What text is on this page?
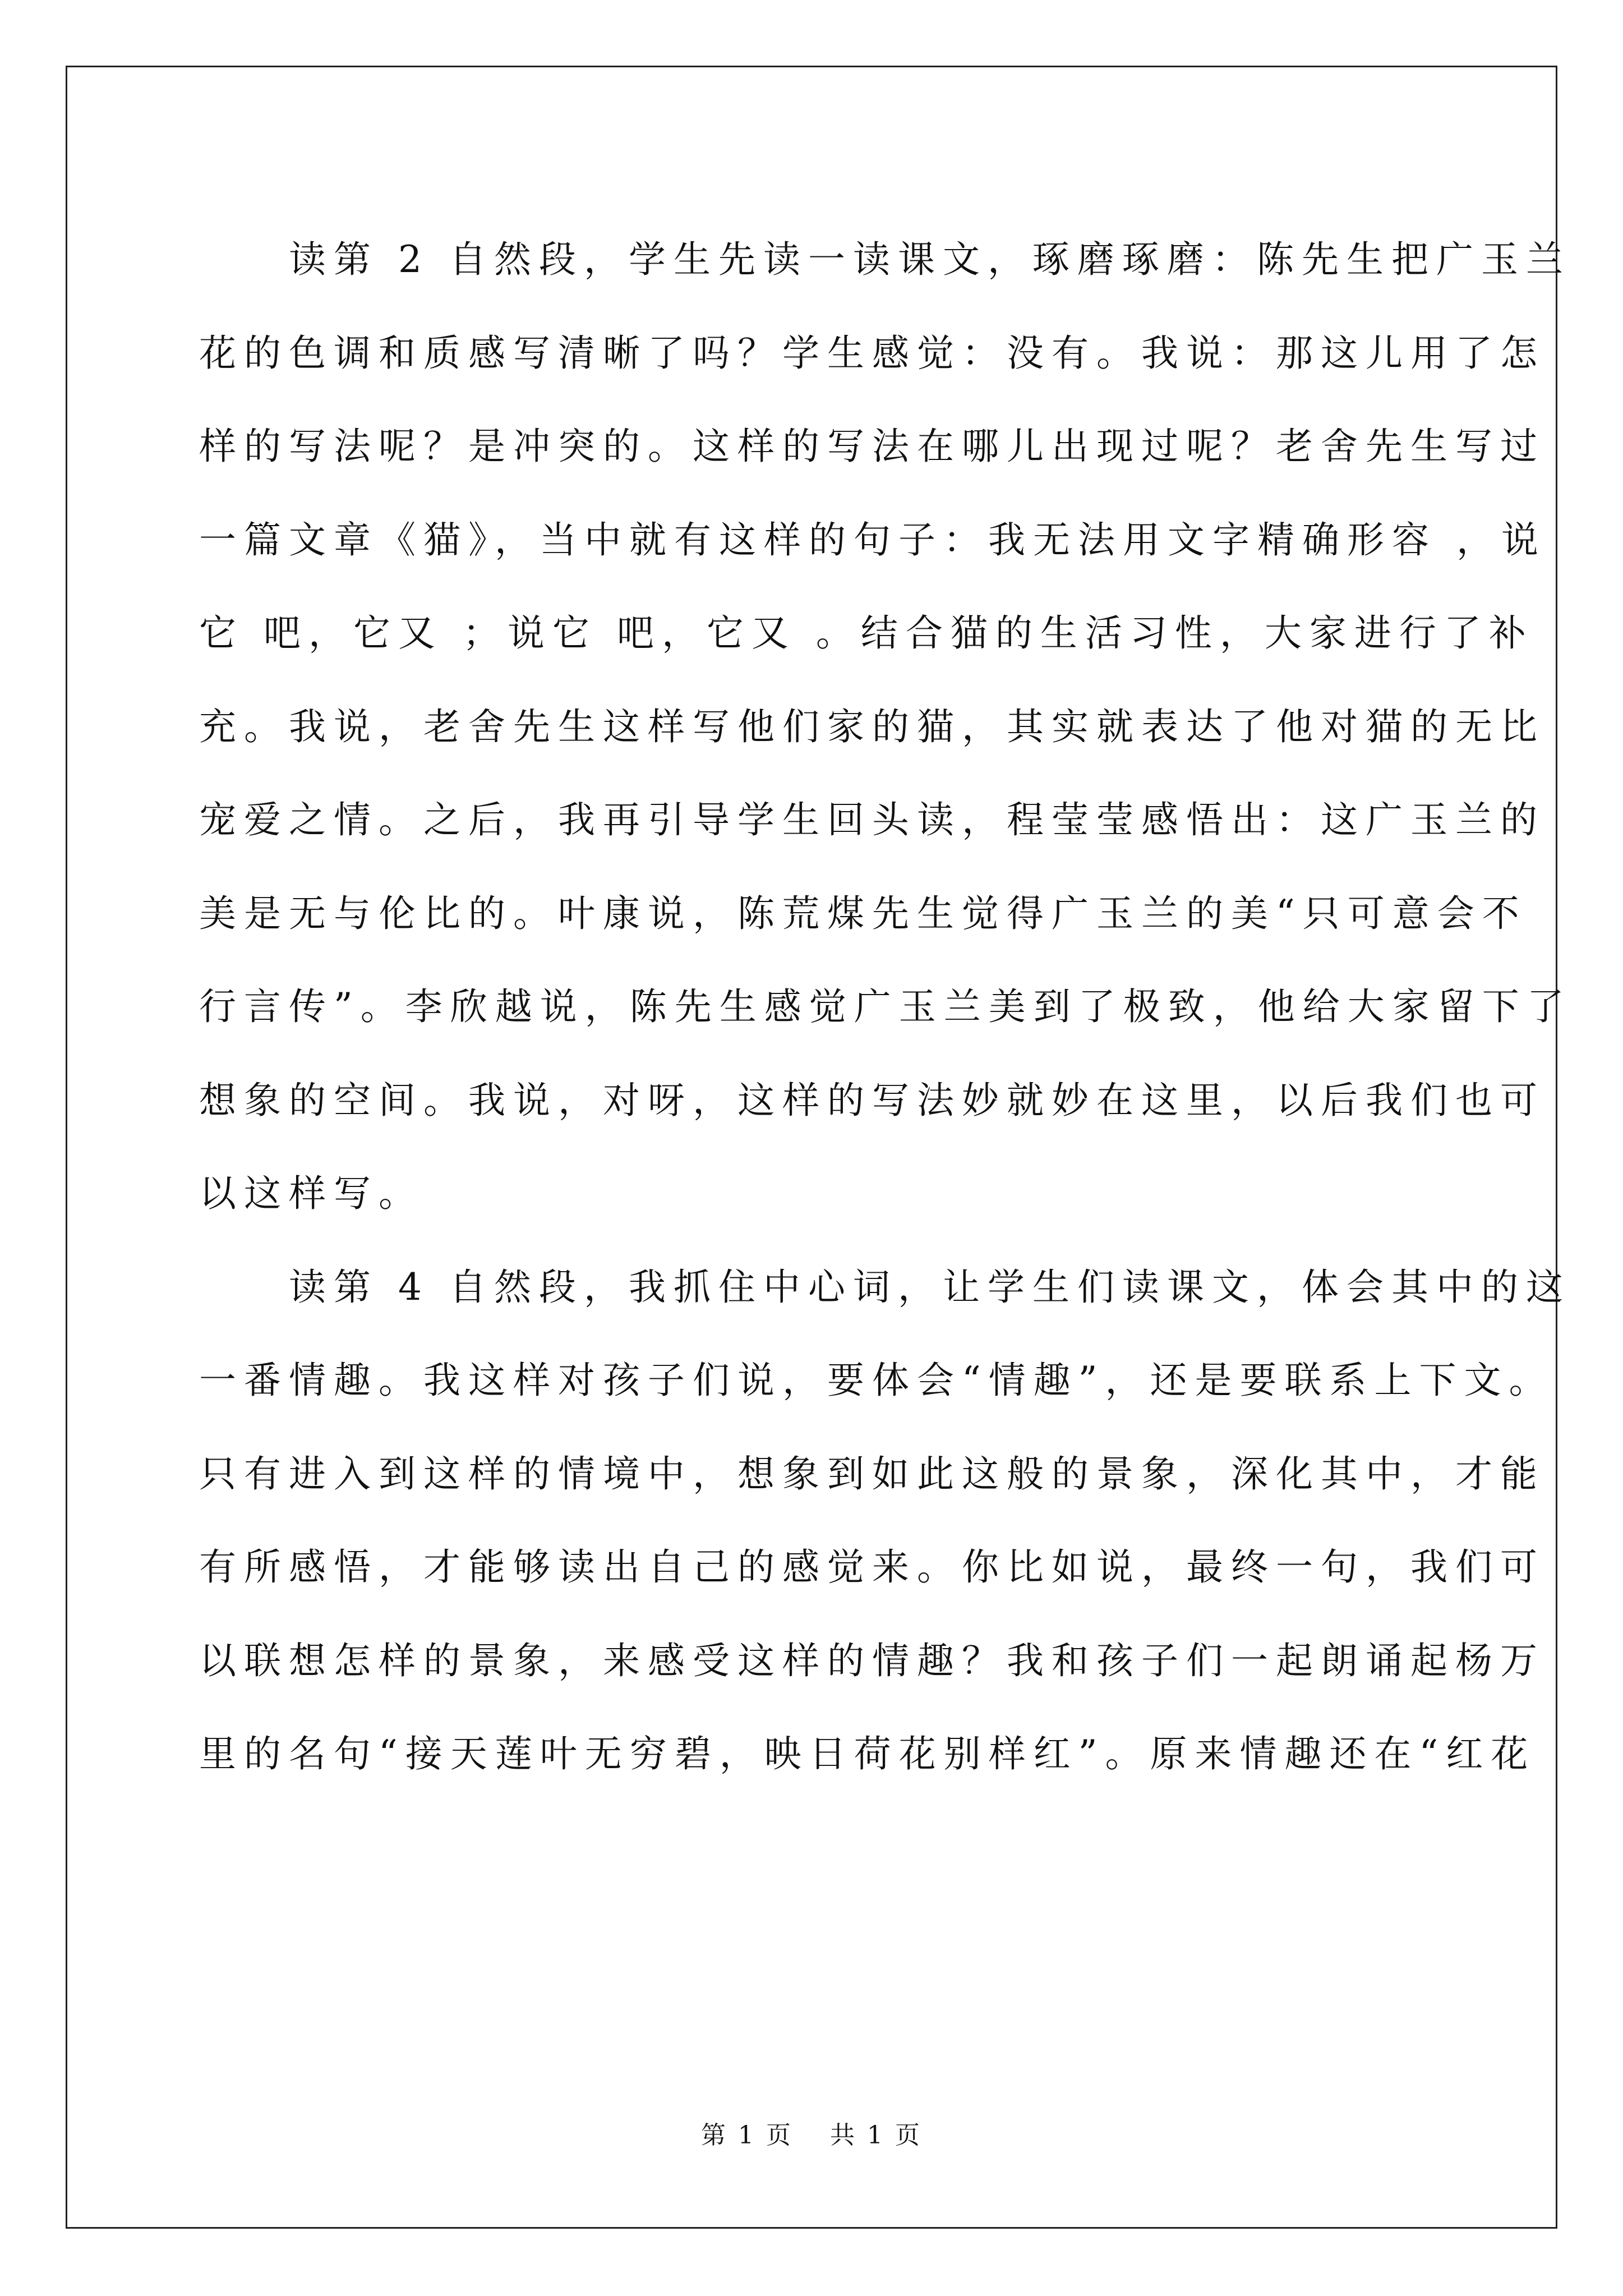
　　读第 2 自然段，学生先读一读课文，琢磨琢磨：陈先生把广玉兰
花的色调和质感写清晰了吗？学生感觉：没有。我说：那这儿用了怎
样的写法呢？是冲突的。这样的写法在哪儿出现过呢？老舍先生写过
一篇文章《猫》，当中就有这样的句子：我无法用文字精确形容 ，说
它 吧，它又 ；说它 吧，它又 。结合猫的生活习性，大家进行了补
充。我说，老舍先生这样写他们家的猫，其实就表达了他对猫的无比
宠爱之情。之后，我再引导学生回头读，程莹莹感悟出：这广玉兰的
美是无与伦比的。叶康说，陈荒煤先生觉得广玉兰的美“只可意会不
行言传”。李欣越说，陈先生感觉广玉兰美到了极致，他给大家留下了
想象的空间。我说，对呀，这样的写法妙就妙在这里，以后我们也可
以这样写。
　　读第 4 自然段，我抓住中心词，让学生们读课文，体会其中的这
一番情趣。我这样对孩子们说，要体会“情趣”，还是要联系上下文。
只有进入到这样的情境中，想象到如此这般的景象，深化其中，才能
有所感悟，才能够读出自己的感觉来。你比如说，最终一句，我们可
以联想怎样的景象，来感受这样的情趣？我和孩子们一起朗诵起杨万
里的名句“接天莲叶无穷碧，映日荷花别样红”。原来情趣还在“红花
第 1 页　 共 1 页
